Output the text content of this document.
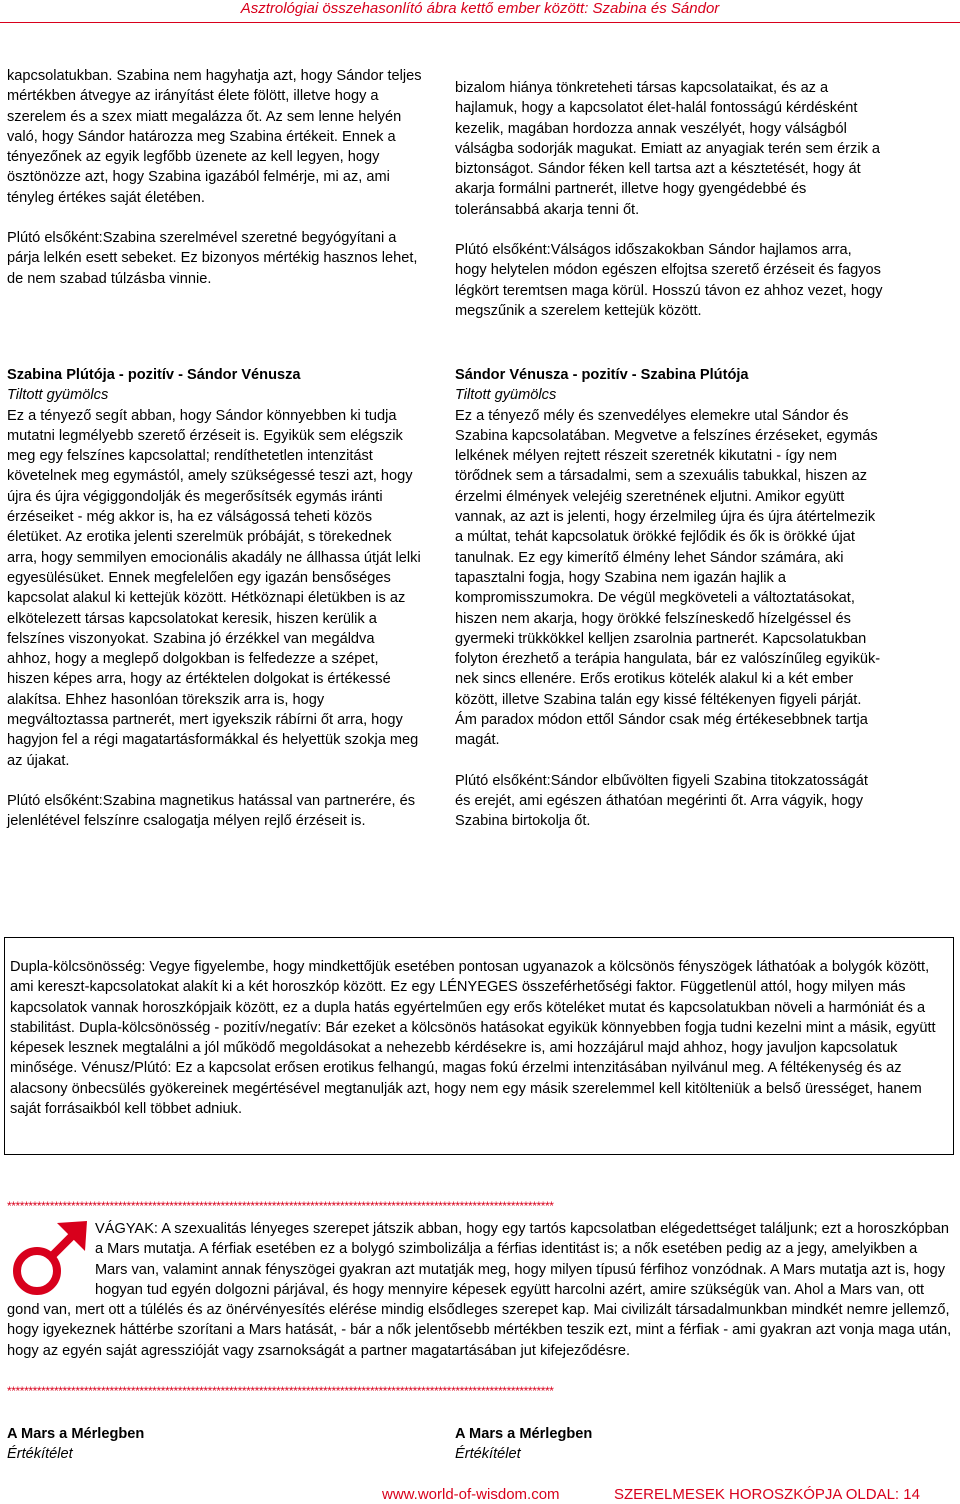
Asztrológiai összehasonlító ábra kettő ember között: Szabina és Sándor

kapcsolatukban. Szabina nem hagyhatja azt, hogy Sándor teljes mértékben átvegye az irányítást élete fölött, illetve hogy a szerelem és a szex miatt megalázza őt. Az sem lenne helyén való, hogy Sándor határozza meg Szabina értékeit. Ennek a tényezőnek az egyik legfőbb üzenete az kell legyen, hogy ösztönözze azt, hogy Szabina igazából felmérje, mi az, ami tényleg értékes saját életében.

Plútó elsőként:Szabina szerelmével szeretné begyógyítani a párja lelkén esett sebeket. Ez bizonyos mértékig hasznos lehet, de nem szabad túlzásba vinnie.

Szabina Plútója - pozitív - Sándor Vénusza

Tiltott gyümölcs

Ez a tényező segít abban, hogy Sándor könnyebben ki tudja mutatni legmélyebb szerető érzéseit is. Egyikük sem elégszik meg egy felszínes kapcsolattal; rendíthetetlen intenzitást követelnek meg egymástól, amely szükségessé teszi azt, hogy újra és újra végiggondolják és megerősítsék egymás iránti érzéseiket - még akkor is, ha ez válságossá teheti közös életüket. Az erotika jelenti szerelmük próbáját, s törekednek arra, hogy semmilyen emocionális akadály ne állhassa útját lelki egyesülésüket. Ennek megfelelően egy igazán bensőséges kapcsolat alakul ki kettejük között. Hétköznapi életükben is az elkötelezett társas kapcsolatokat keresik, hiszen kerülik a felszínes viszonyokat. Szabina jó érzékkel van megáldva ahhoz, hogy a meglepő dolgokban is felfedezze a szépet, hiszen képes arra, hogy az értéktelen dolgokat is értékessé alakítsa. Ehhez hasonlóan törekszik arra is, hogy megváltoztassa partnerét, mert igyekszik rábírni őt arra, hogy hagyjon fel a régi magatartásformákkal és helyettük szokja meg az újakat.

Plútó elsőként:Szabina magnetikus hatással van partnerére, és jelenlétével felszínre csalogatja mélyen rejlő érzéseit is.

bizalom hiánya tönkreteheti társas kapcsolataikat, és az a hajlamuk, hogy a kapcsolatot élet-halál fontosságú kérdésként kezelik, magában hordozza annak veszélyét, hogy válságból válságba sodorják magukat. Emiatt az anyagiak terén sem érzik a biztonságot. Sándor féken kell tartsa azt a késztetését, hogy át akarja formálni partnerét, illetve hogy gyengédebbé és toleránsabbá akarja tenni őt.

Plútó elsőként:Válságos időszakokban Sándor hajlamos arra, hogy helytelen módon egészen elfojtsa szerető érzéseit és fagyos légkört teremtsen maga körül. Hosszú távon ez ahhoz vezet, hogy megszűnik a szerelem kettejük között.

Sándor Vénusza - pozitív - Szabina Plútója

Tiltott gyümölcs

Ez a tényező mély és szenvedélyes elemekre utal Sándor és Szabina kapcsolatában. Megvetve a felszínes érzéseket, egymás lelkének mélyen rejtett részeit szeretnék kikutatni - így nem törődnek sem a társadalmi, sem a szexuális tabukkal, hiszen az érzelmi élmények velejéig szeretnének eljutni. Amikor együtt vannak, az azt is jelenti, hogy érzelmileg újra és újra átértelmezik a múltat, tehát kapcsolatuk örökké fejlődik és ők is örökké újat tanulnak. Ez egy kimerítő élmény lehet Sándor számára, aki tapasztalni fogja, hogy Szabina nem igazán hajlik a kompromisszumokra. De végül megköveteli a változtatásokat, hiszen nem akarja, hogy örökké felszíneskedő hízelgéssel és gyermeki trükkökkel kelljen zsarolnia partnerét. Kapcsolatukban folyton érezhető a terápia hangulata, bár ez valószínűleg egyiküknek sincs ellenére. Erős erotikus kötelék alakul ki a két ember között, illetve Szabina talán egy kissé féltékenyen figyeli párját. Ám paradox módon ettől Sándor csak még értékesebbnek tartja magát.

Plútó elsőként:Sándor elbűvölten figyeli Szabina titokzatosságát és erejét, ami egészen áthatóan megérinti őt. Arra vágyik, hogy Szabina birtokolja őt.

Dupla-kölcsönösség: Vegye figyelembe, hogy mindkettőjük esetében pontosan ugyanazok a kölcsönös fényszögek láthatóak a bolygók között, ami kereszt-kapcsolatokat alakít ki a két horoszkóp között. Ez egy LÉNYEGES összeférhetőségi faktor. Függetlenül attól, hogy milyen más kapcsolatok vannak horoszkópjaik között, ez a dupla hatás egyértelműen egy erős köteléket mutat és kapcsolatukban növeli a harmóniát és a stabilitást. Dupla-kölcsönösség - pozitív/negatív: Bár ezeket a kölcsönös hatásokat egyikük könnyebben fogja tudni kezelni mint a másik, együtt képesek lesznek megtalálni a jól működő megoldásokat a nehezebb kérdésekre is, ami hozzájárul majd ahhoz, hogy javuljon kapcsolatuk minősége. Vénusz/Plútó: Ez a kapcsolat erősen erotikus felhangú, magas fokú érzelmi intenzitásában nyilvánul meg. A féltékenység és az alacsony önbecsülés gyökereinek megértésével megtanulják azt, hogy nem egy másik szerelemmel kell kitölteniük a belső ürességet, hanem saját forrásaikból kell többet adniuk.

********************************************************************************************************************************

VÁGYAK: A szexualitás lényeges szerepet játszik abban, hogy egy tartós kapcsolatban elégedettséget találjunk; ezt a horoszkópban a Mars mutatja. A férfiak esetében ez a bolygó szimbolizálja a férfias identitást is; a nők esetében pedig az a jegy, amelyikben a Mars van, valamint annak fényszögei gyakran azt mutatják meg, hogy milyen típusú férfihoz vonzódnak. A Mars mutatja azt is, hogy hogyan tud egyén dolgozni párjával, és hogy mennyire képesek együtt harcolni azért, amire szükségük van. Ahol a Mars van, ott gond van, mert ott a túlélés és az önérvényesítés elérése mindig elsődleges szerepet kap. Mai civilizált társadalmunkban mindkét nemre jellemző, hogy igyekeznek háttérbe szorítani a Mars hatását, - bár a nők jelentősebb mértékben teszik ezt, mint a férfiak - ami gyakran azt vonja maga után, hogy az egyén saját agresszióját vagy zsarnokságát a partner magatartásában jut kifejeződésre.

********************************************************************************************************************************
A Mars a Mérlegben
Értékítélet
A Mars a Mérlegben
Értékítélet
www.world-of-wisdom.com	SZERELMESEK HOROSZKÓPJA OLDAL: 14
